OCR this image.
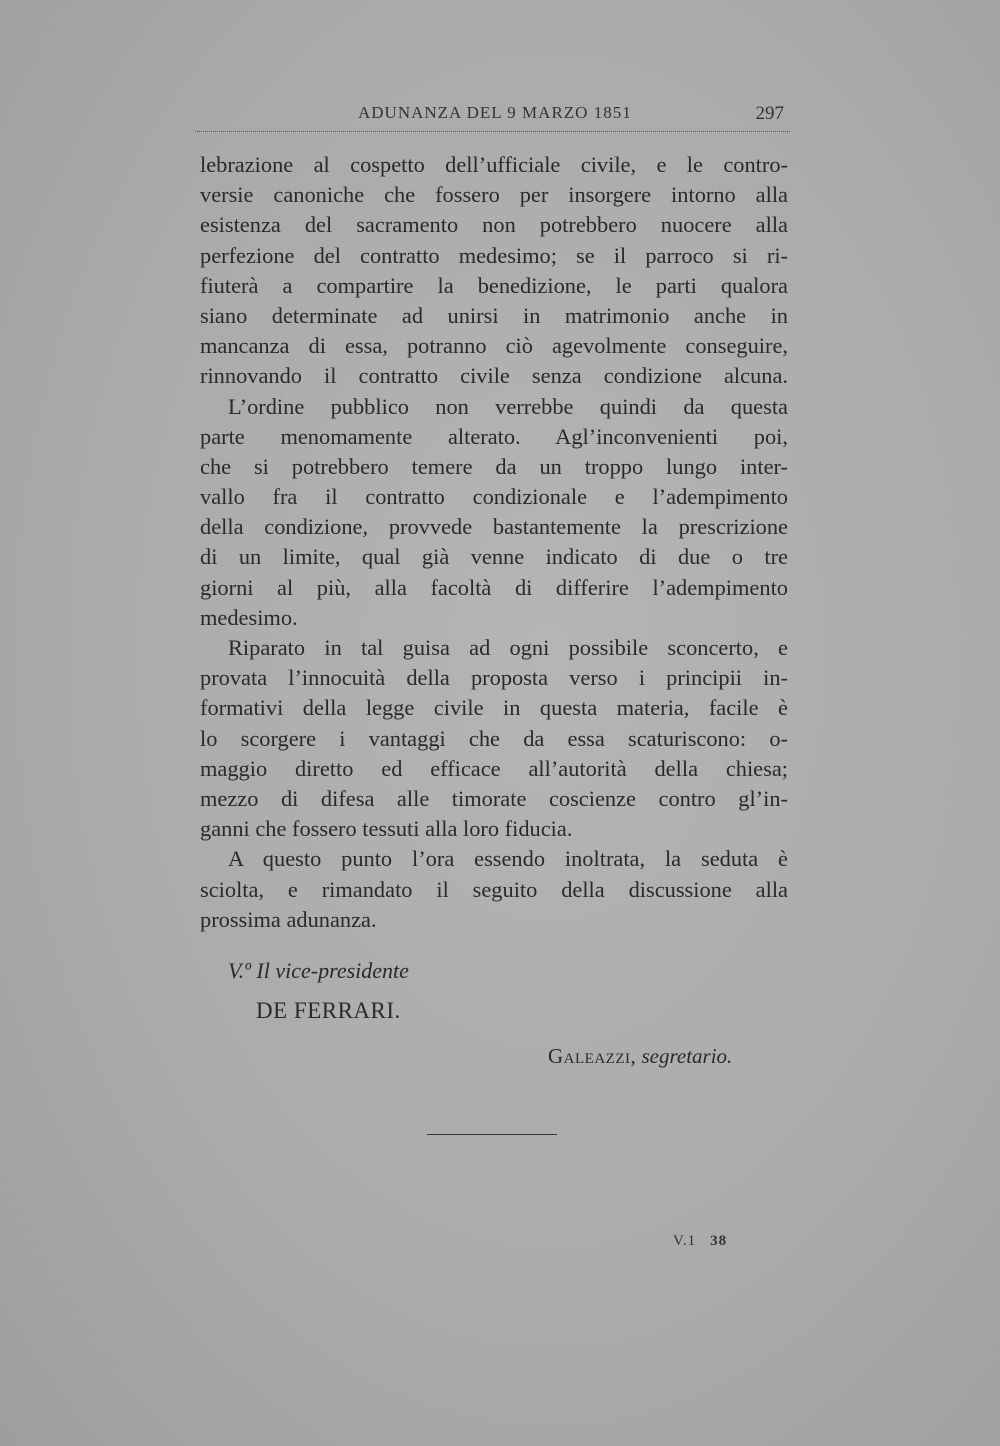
ADUNANZA DEL 9 MARZO 1851	297
lebrazione al cospetto dell’ufficiale civile, e le contro-
versie canoniche che fossero per insorgere intorno alla
esistenza del sacramento non potrebbero nuocere alla
perfezione del contratto medesimo; se il parroco si ri-
fiuterà a compartire la benedizione, le parti qualora
siano determinate ad unirsi in matrimonio anche in
mancanza di essa, potranno ciò agevolmente conseguire,
rinnovando il contratto civile senza condizione alcuna.
L’ordine pubblico non verrebbe quindi da questa
parte menomamente alterato. Agl’inconvenienti poi,
che si potrebbero temere da un troppo lungo inter-
vallo fra il contratto condizionale e l’adempimento
della condizione, provvede bastantemente la prescrizione
di un limite, qual già venne indicato di due o tre
giorni al più, alla facoltà di differire l’adempimento
medesimo.
Riparato in tal guisa ad ogni possibile sconcerto, e
provata l’innocuità della proposta verso i principii in-
formativi della legge civile in questa materia, facile è
lo scorgere i vantaggi che da essa scaturiscono: o-
maggio diretto ed efficace all’autorità della chiesa;
mezzo di difesa alle timorate coscienze contro gl’in-
ganni che fossero tessuti alla loro fiducia.
A questo punto l’ora essendo inoltrata, la seduta è
sciolta, e rimandato il seguito della discussione alla
prossima adunanza.
V.º Il vice-presidente
DE FERRARI.
Galeazzi, segretario.
V.1 38
